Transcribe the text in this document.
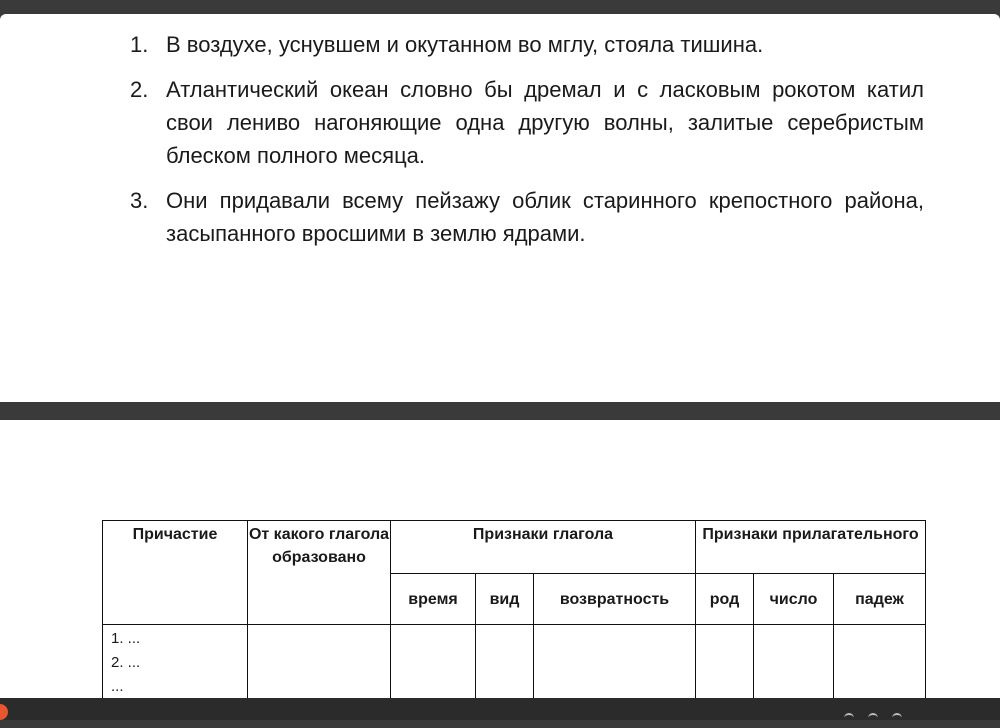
1. В воздухе, уснувшем и окутанном во мглу, стояла тишина.
2. Атлантический океан словно бы дремал и с ласковым рокотом катил свои лениво нагоняющие одна другую волны, залитые серебристым блеском полного месяца.
3. Они придавали всему пейзажу облик старинного крепостного района, засыпанного вросшими в землю ядрами.
Причастие	От какого глагола образовано	Признаки глагола			Признаки прилагательного		
		время	вид	возвратность	род	число	падеж

1. ...
2. ...
...							
